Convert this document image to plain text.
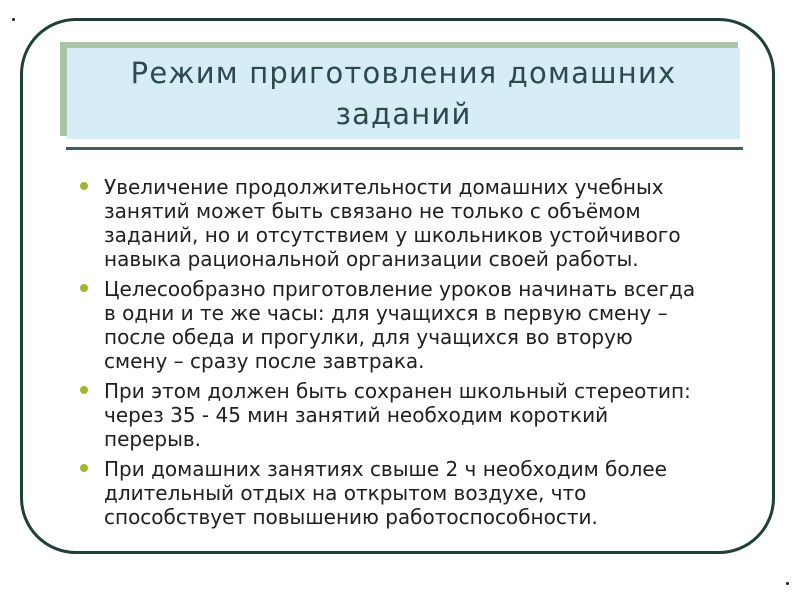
Режим приготовления домашних
заданий
Увеличение продолжительности домашних учебных
занятий может быть связано не только с объёмом
заданий, но и отсутствием у школьников устойчивого
навыка рациональной организации своей работы.
Целесообразно приготовление уроков начинать всегда
в одни и те же часы: для учащихся в первую смену –
после обеда и прогулки, для учащихся во вторую
смену – сразу после завтрака.
При этом должен быть сохранен школьный стереотип:
через 35 - 45 мин занятий необходим короткий
перерыв.
При домашних занятиях свыше 2 ч необходим более
длительный отдых на открытом воздухе, что
способствует повышению работоспособности.
